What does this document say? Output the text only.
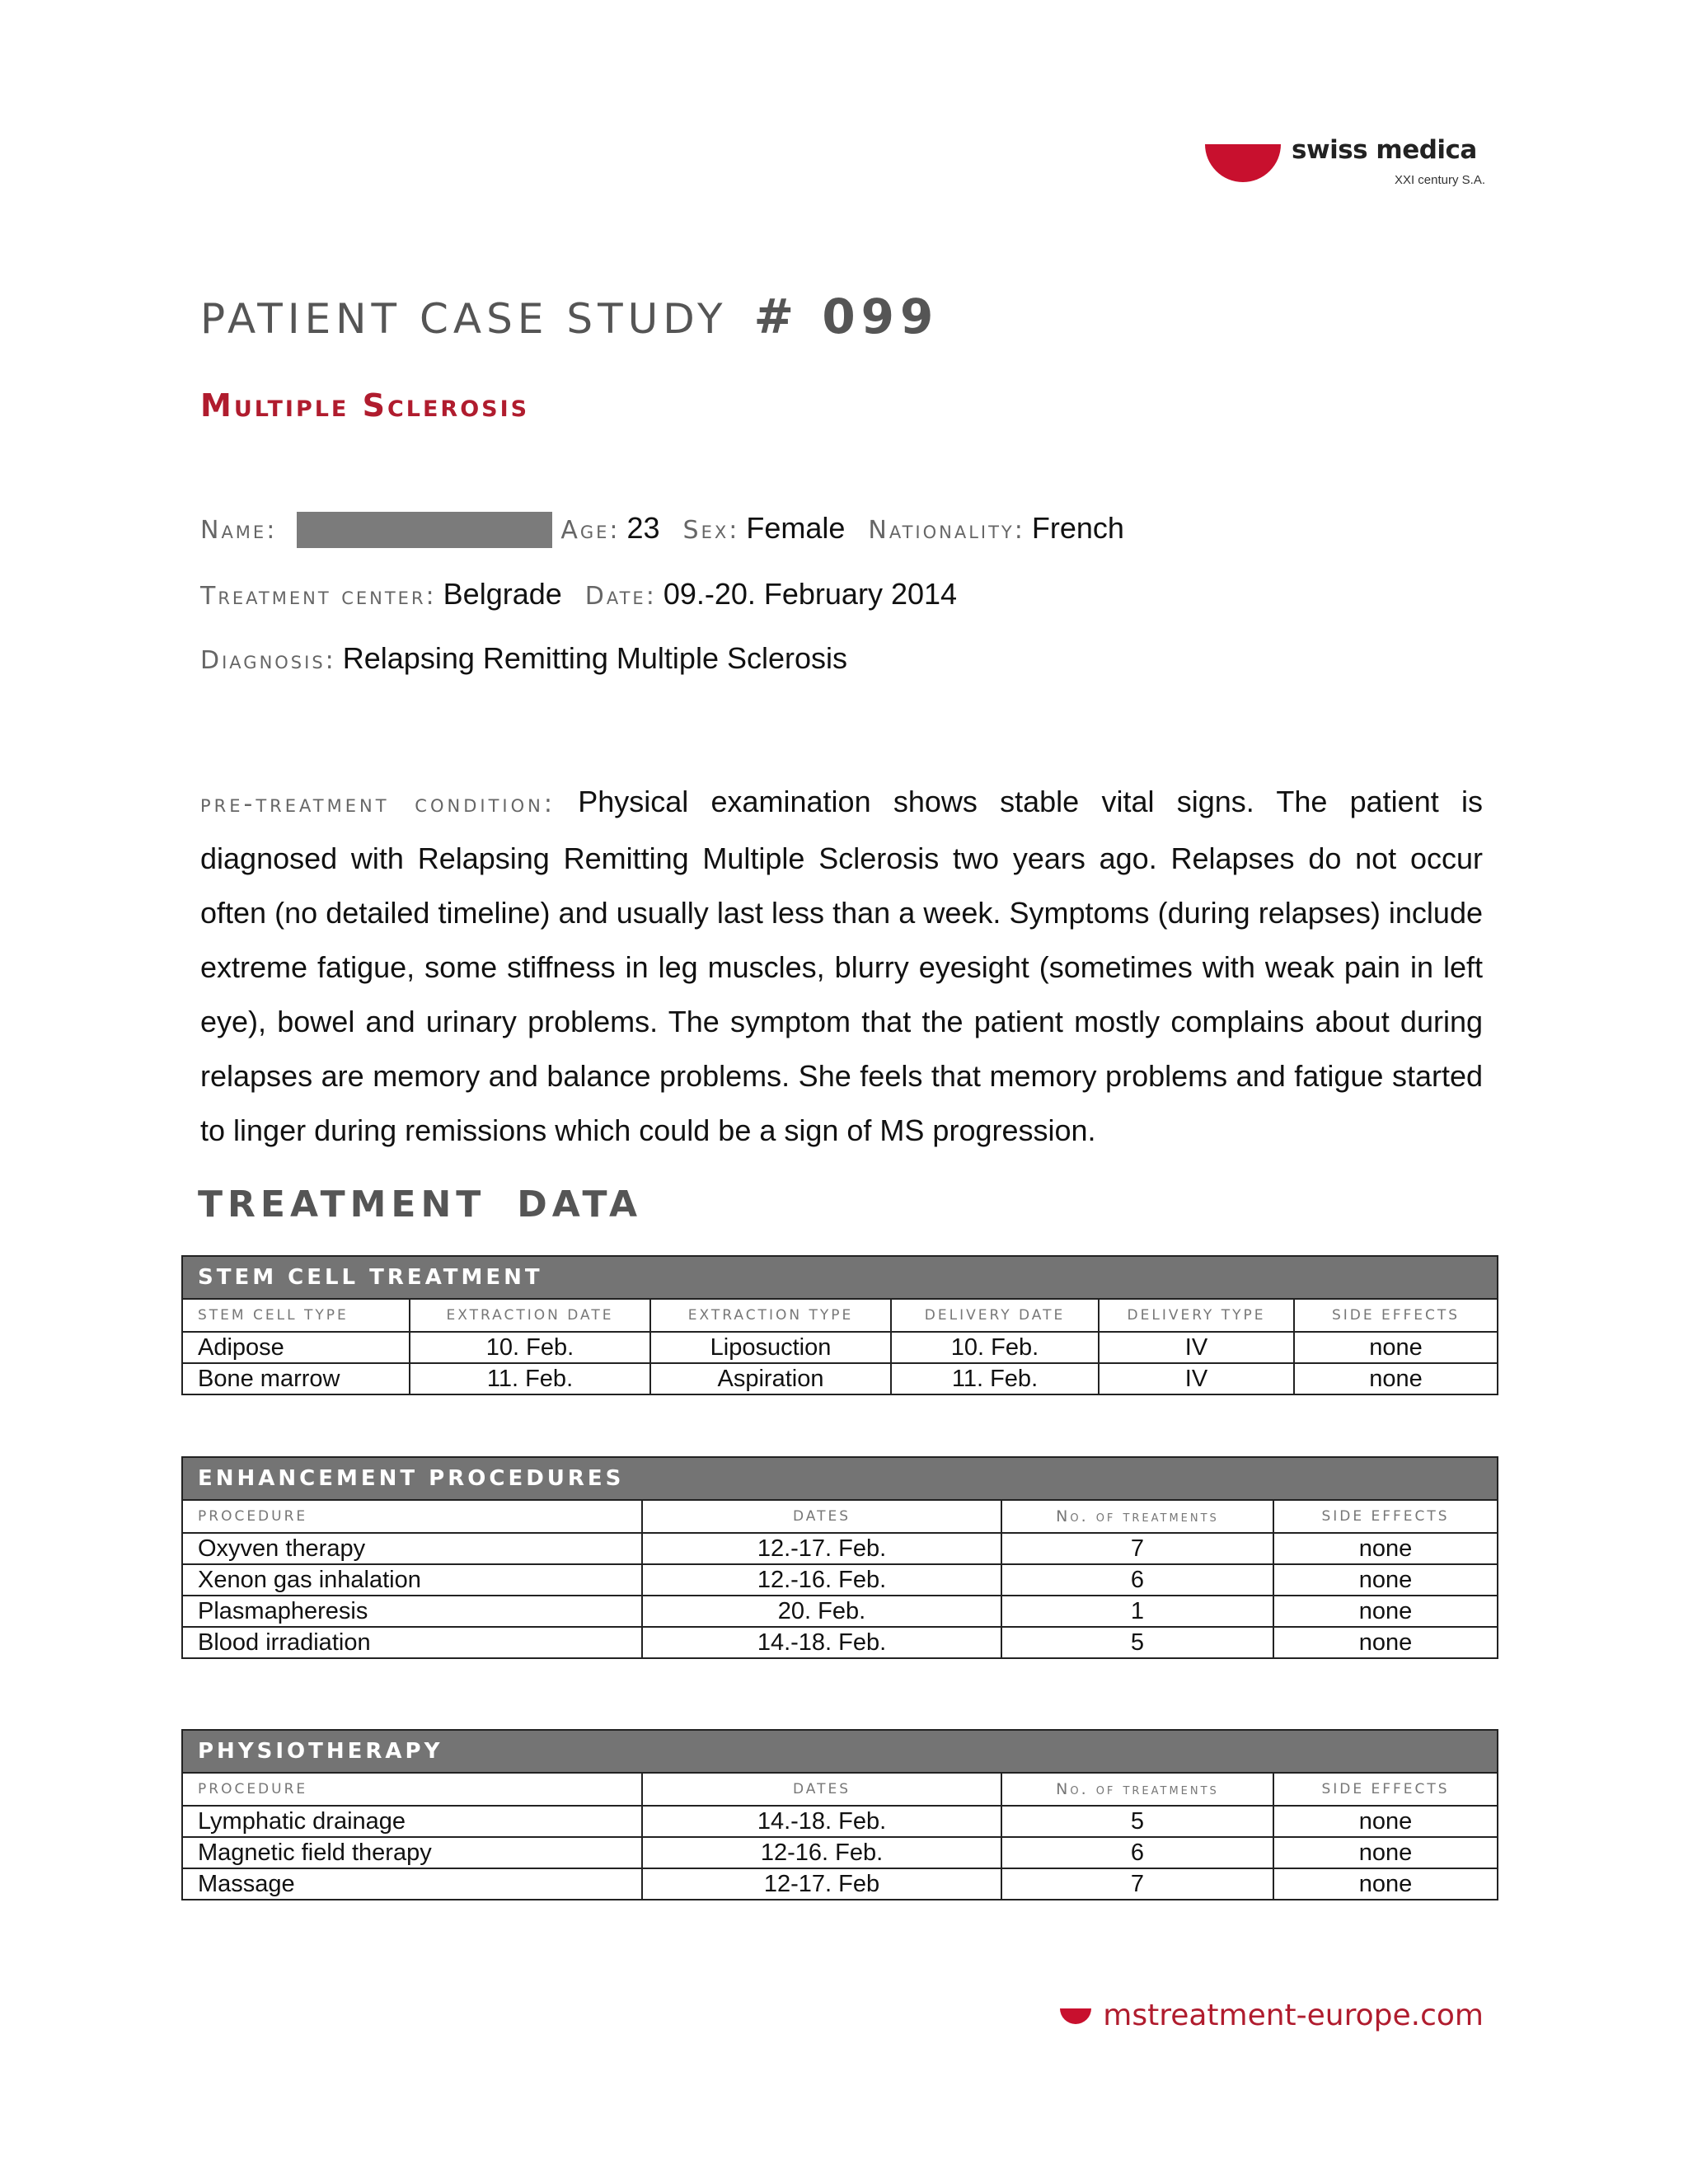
swiss medica
XXI century S.A.
PATIENT CASE STUDY # 099
Multiple Sclerosis
Name:	Age: 23 Sex: Female Nationality: French
Treatment center: Belgrade Date: 09.-20. February 2014
Diagnosis: Relapsing Remitting Multiple Sclerosis
pre-treatment condition: Physical examination shows stable vital signs. The patient is diagnosed with Relapsing Remitting Multiple Sclerosis two years ago. Relapses do not occur often (no detailed timeline) and usually last less than a week. Symptoms (during relapses) include extreme fatigue, some stiffness in leg muscles, blurry eyesight (sometimes with weak pain in left eye), bowel and urinary problems. The symptom that the patient mostly complains about during relapses are memory and balance problems. She feels that memory problems and fatigue started to linger during remissions which could be a sign of MS progression.
TREATMENT DATA
STEM CELL TREATMENT					
STEM CELL TYPE	EXTRACTION DATE	EXTRACTION TYPE	DELIVERY DATE	DELIVERY TYPE	SIDE EFFECTS
Adipose	10. Feb.	Liposuction	10. Feb.	IV	none
Bone marrow	11. Feb.	Aspiration	11. Feb.	IV	none
ENHANCEMENT PROCEDURES			
PROCEDURE	DATES	No. of treatments	SIDE EFFECTS
Oxyven therapy	12.-17. Feb.	7	none
Xenon gas inhalation	12.-16. Feb.	6	none
Plasmapheresis	20. Feb.	1	none
Blood irradiation	14.-18. Feb.	5	none
PHYSIOTHERAPY			
PROCEDURE	DATES	No. of treatments	SIDE EFFECTS
Lymphatic drainage	14.-18. Feb.	5	none
Magnetic field therapy	12-16. Feb.	6	none
Massage	12-17. Feb	7	none
mstreatment-europe.com
